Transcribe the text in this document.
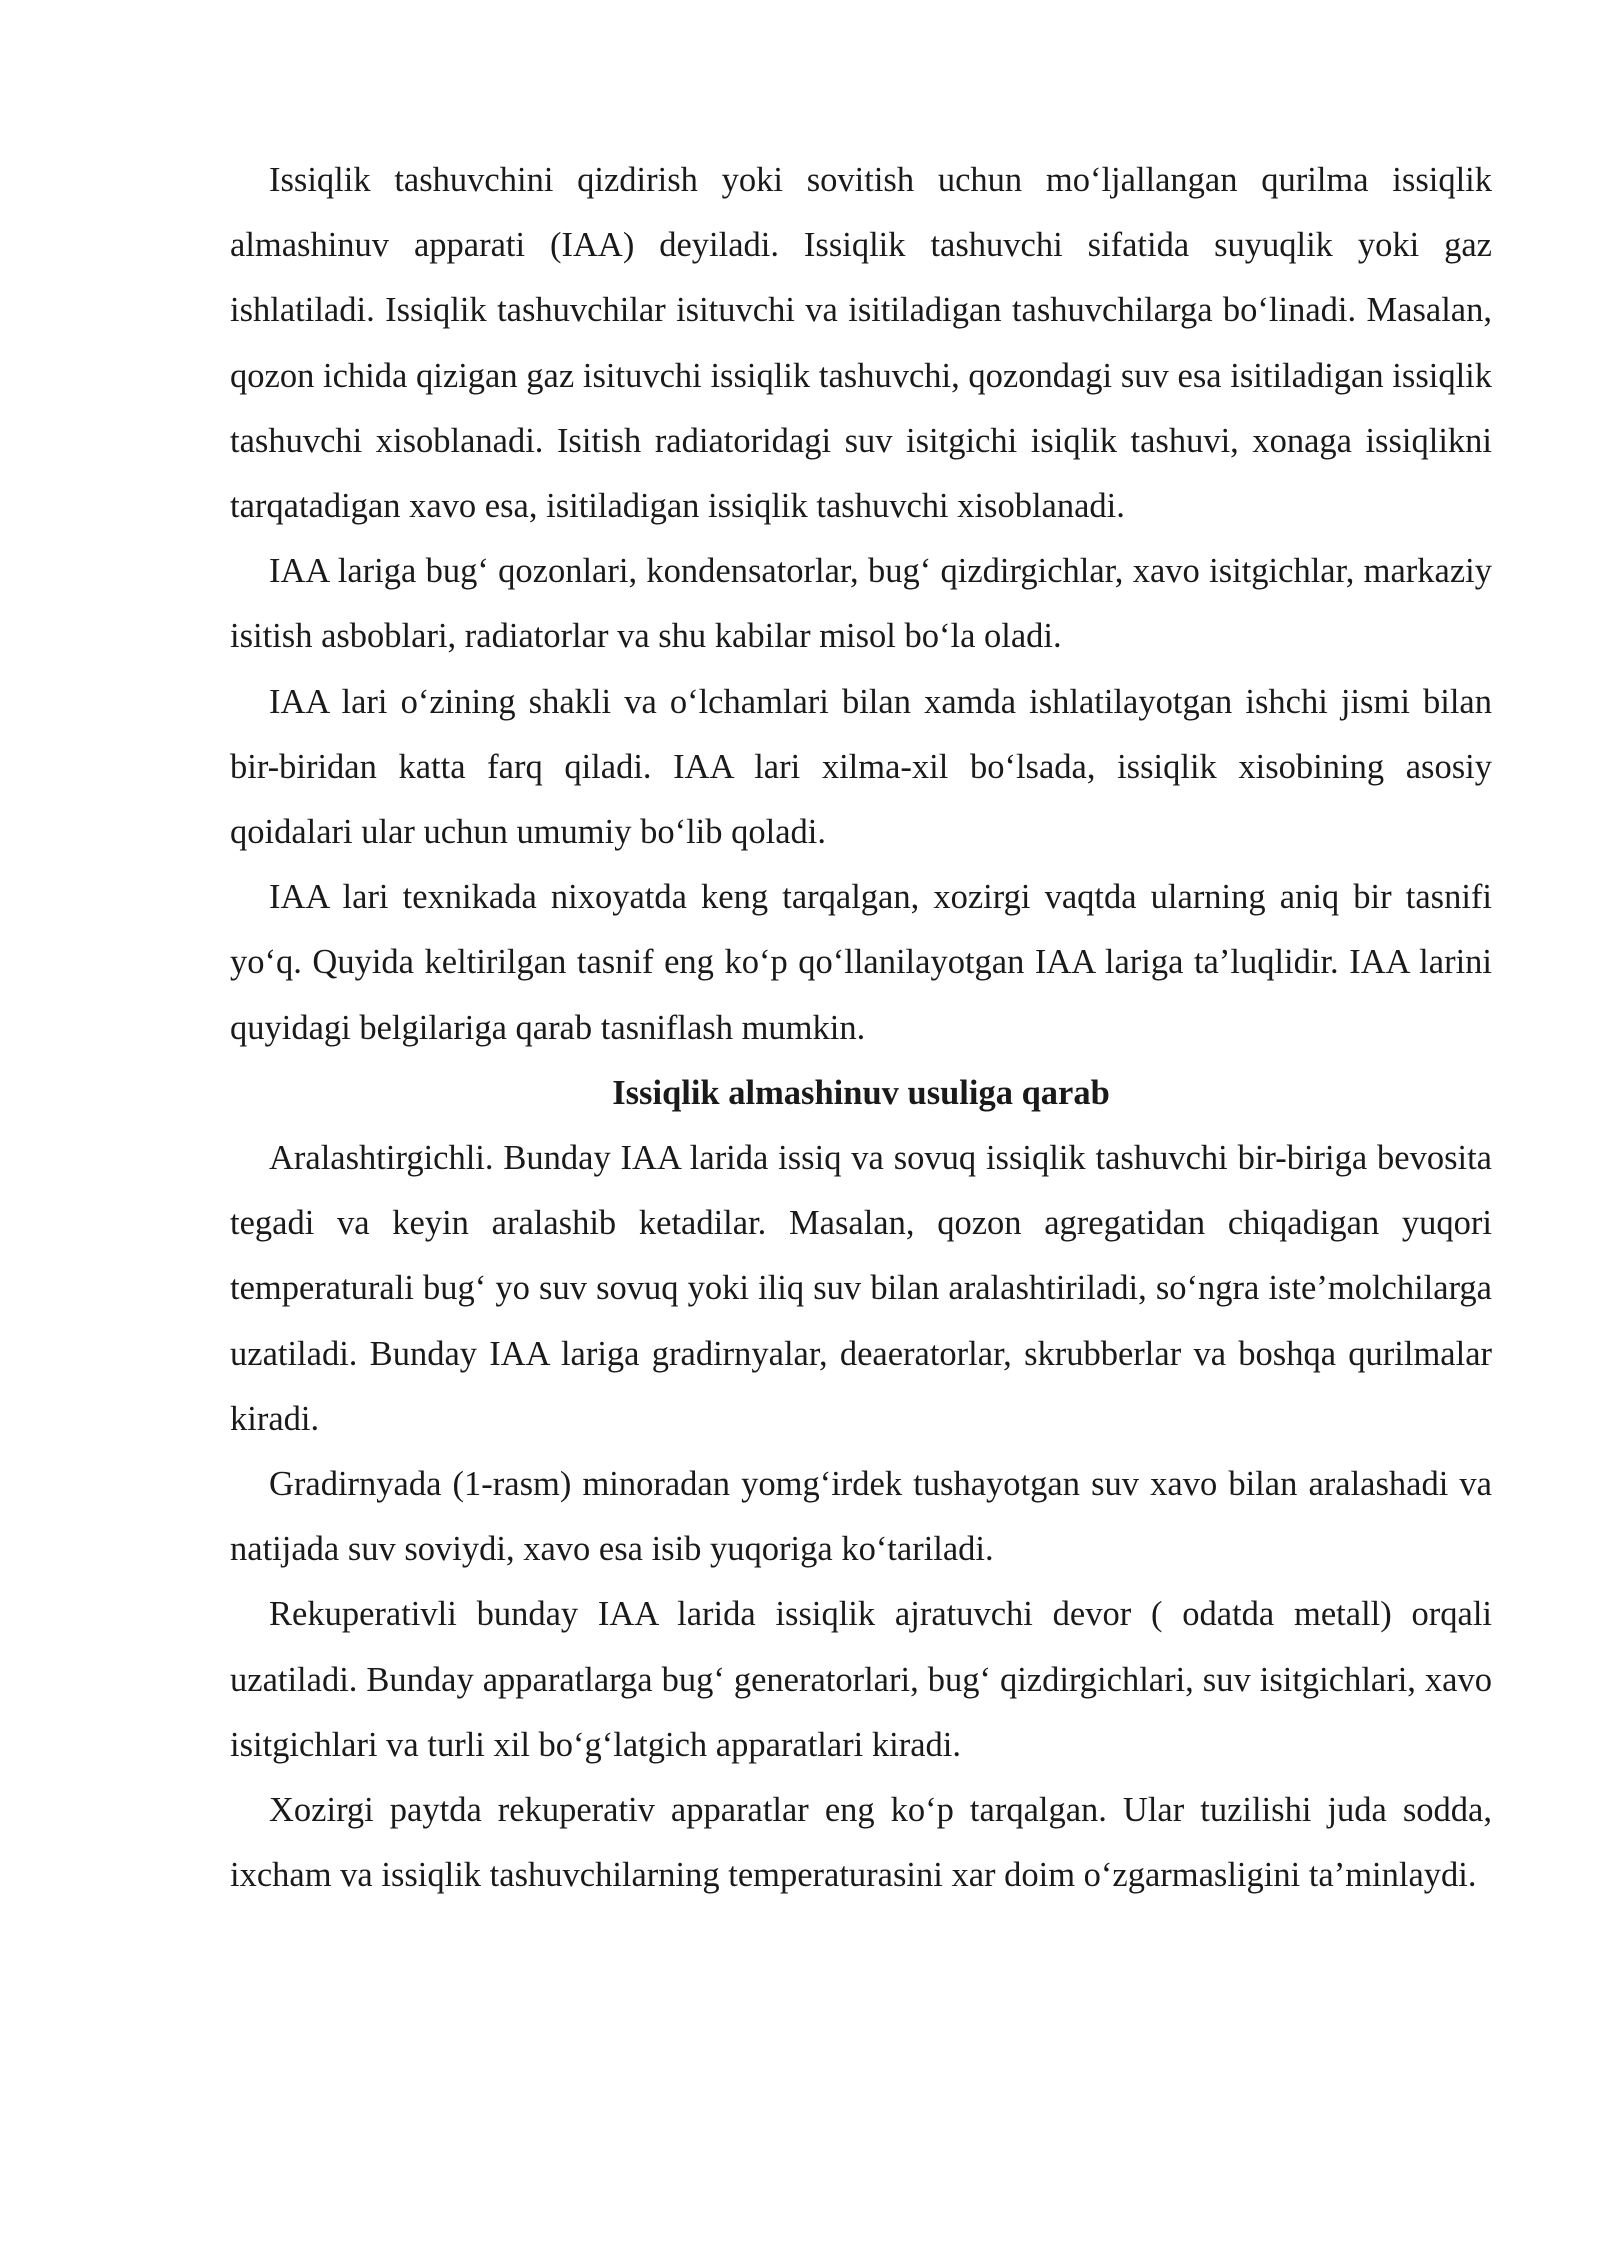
Issiqlik tashuvchini qizdirish yoki sovitish uchun mo‘ljallangan qurilma issiqlik almashinuv apparati (IAA) deyiladi. Issiqlik tashuvchi sifatida suyuqlik yoki gaz ishlatiladi. Issiqlik tashuvchilar isituvchi va isitiladigan tashuvchilarga bo‘linadi. Masalan, qozon ichida qizigan gaz isituvchi issiqlik tashuvchi, qozondagi suv esa isitiladigan issiqlik tashuvchi xisoblanadi. Isitish radiatoridagi suv isitgichi isiqlik tashuvi, xonaga issiqlikni tarqatadigan xavo esa, isitiladigan issiqlik tashuvchi xisoblanadi.

IAA lariga bug‘ qozonlari, kondensatorlar, bug‘ qizdirgichlar, xavo isitgichlar, markaziy isitish asboblari, radiatorlar va shu kabilar misol bo‘la oladi.

IAA lari o‘zining shakli va o‘lchamlari bilan xamda ishlatilayotgan ishchi jismi bilan bir-biridan katta farq qiladi. IAA lari xilma-xil bo‘lsada, issiqlik xisobining asosiy qoidalari ular uchun umumiy bo‘lib qoladi.

IAA lari texnikada nixoyatda keng tarqalgan, xozirgi vaqtda ularning aniq bir tasnifi yo‘q. Quyida keltirilgan tasnif eng ko‘p qo‘llanilayotgan IAA lariga ta’luqlidir. IAA larini quyidagi belgilariga qarab tasniflash mumkin.

Issiqlik almashinuv usuliga qarab

Aralashtirgichli. Bunday IAA larida issiq va sovuq issiqlik tashuvchi bir-biriga bevosita tegadi va keyin aralashib ketadilar. Masalan, qozon agregatidan chiqadigan yuqori temperaturali bug‘ yo suv sovuq yoki iliq suv bilan aralashtiriladi, so‘ngra iste’molchilarga uzatiladi. Bunday IAA lariga gradirnyalar, deaeratorlar, skrubberlar va boshqa qurilmalar kiradi.

Gradirnyada (1-rasm) minoradan yomg‘irdek tushayotgan suv xavo bilan aralashadi va natijada suv soviydi, xavo esa isib yuqoriga ko‘tariladi.

Rekuperativli bunday IAA larida issiqlik ajratuvchi devor ( odatda metall) orqali uzatiladi. Bunday apparatlarga bug‘ generatorlari, bug‘ qizdirgichlari, suv isitgichlari, xavo isitgichlari va turli xil bo‘g‘latgich apparatlari kiradi.

Xozirgi paytda rekuperativ apparatlar eng ko‘p tarqalgan. Ular tuzilishi juda sodda, ixcham va issiqlik tashuvchilarning temperaturasini xar doim o‘zgarmasligini ta’minlaydi.
